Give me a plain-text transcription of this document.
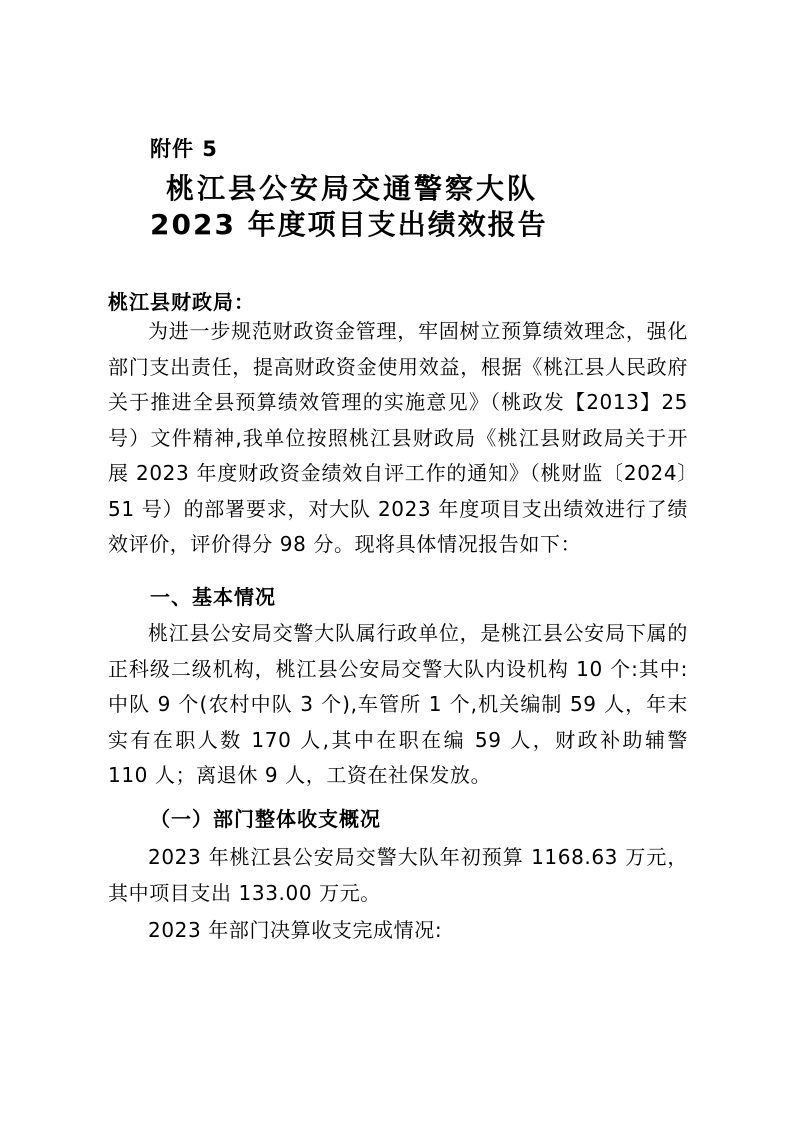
附件 5
桃江县公安局交通警察大队
2023 年度项目支出绩效报告
桃江县财政局：
为进一步规范财政资金管理，牢固树立预算绩效理念，强化部门支出责任，提高财政资金使用效益，根据《桃江县人民政府关于推进全县预算绩效管理的实施意见》（桃政发【2013】25 号）文件精神,我单位按照桃江县财政局《桃江县财政局关于开展 2023 年度财政资金绩效自评工作的通知》（桃财监〔2024〕51 号）的部署要求，对大队 2023 年度项目支出绩效进行了绩效评价，评价得分 98 分。现将具体情况报告如下：
一、基本情况
桃江县公安局交警大队属行政单位，是桃江县公安局下属的正科级二级机构，桃江县公安局交警大队内设机构 10 个:其中:中队 9 个(农村中队 3 个),车管所 1 个,机关编制 59 人，年末实有在职人数 170 人,其中在职在编 59 人，财政补助辅警 110 人；离退休 9 人，工资在社保发放。
（一）部门整体收支概况
2023 年桃江县公安局交警大队年初预算 1168.63 万元，其中项目支出 133.00 万元。
2023 年部门决算收支完成情况:
